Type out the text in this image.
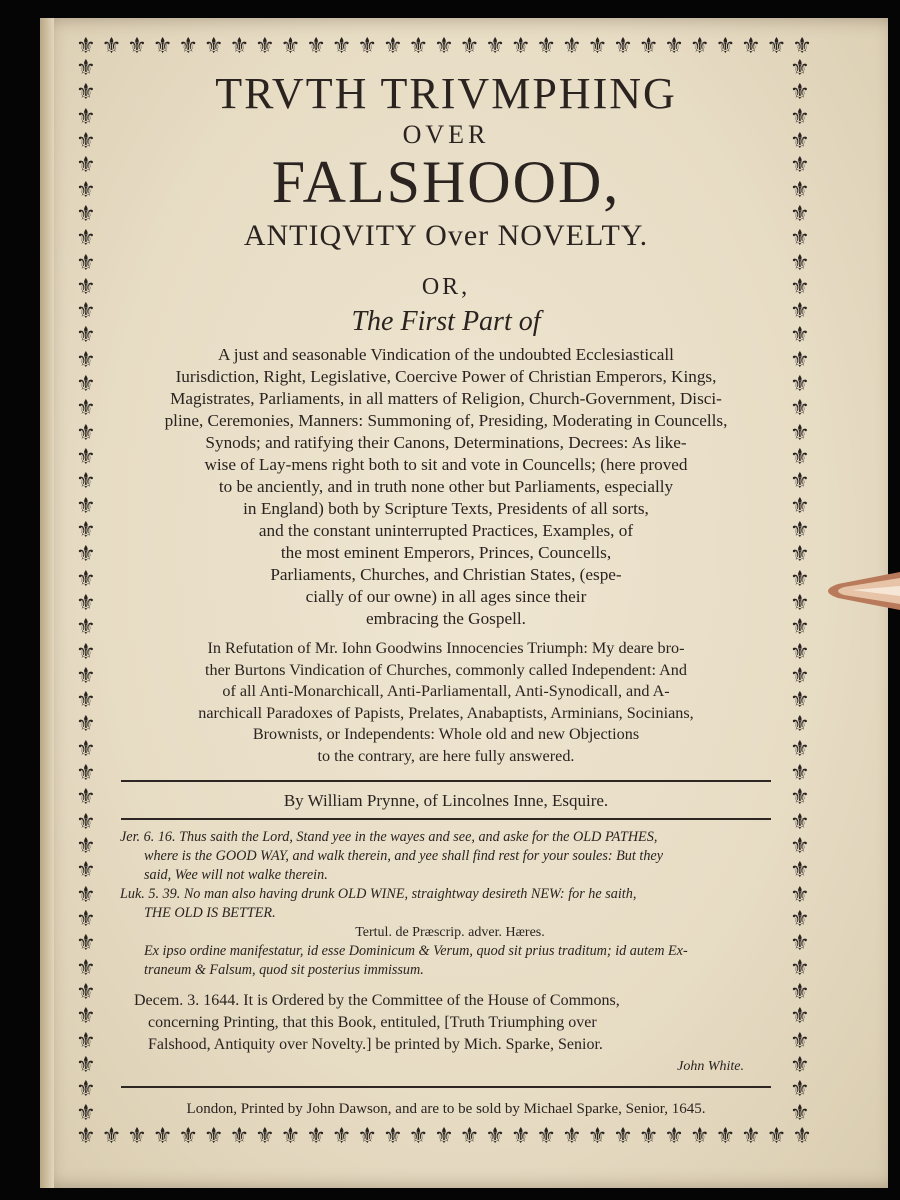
⚜ ⚜ ⚜ ⚜ ⚜ ⚜ ⚜ ⚜ ⚜ ⚜ ⚜ ⚜ ⚜ ⚜ ⚜ ⚜ ⚜ ⚜ ⚜ ⚜ ⚜ ⚜ ⚜ ⚜ ⚜ ⚜ ⚜ ⚜ ⚜
⚜ ⚜ ⚜ ⚜ ⚜ ⚜ ⚜ ⚜ ⚜ ⚜ ⚜ ⚜ ⚜ ⚜ ⚜ ⚜ ⚜ ⚜ ⚜ ⚜ ⚜ ⚜ ⚜ ⚜ ⚜ ⚜ ⚜ ⚜ ⚜
⚜
⚜
⚜
⚜
⚜
⚜
⚜
⚜
⚜
⚜
⚜
⚜
⚜
⚜
⚜
⚜
⚜
⚜
⚜
⚜
⚜
⚜
⚜
⚜
⚜
⚜
⚜
⚜
⚜
⚜
⚜
⚜
⚜
⚜
⚜
⚜
⚜
⚜
⚜
⚜
⚜
⚜
⚜
⚜
⚜
⚜
⚜
⚜
⚜
⚜
⚜
⚜
⚜
⚜
⚜
⚜
⚜
⚜
⚜
⚜
⚜
⚜
⚜
⚜
⚜
⚜
⚜
⚜
⚜
⚜
⚜
⚜
⚜
⚜
⚜
⚜
⚜
⚜
⚜
⚜
⚜
⚜
⚜
⚜
⚜
⚜
⚜
⚜

TRVTH TRIVMPHING

OVER

FALSHOOD,

ANTIQVITY Over NOVELTY.

OR,

The First Part of

A just and seasonable Vindication of the undoubted Ecclesiasticall

Iurisdiction, Right, Legislative, Coercive Power of Christian Emperors, Kings,

Magistrates, Parliaments, in all matters of Religion, Church-Government, Disci-

pline, Ceremonies, Manners: Summoning of, Presiding, Moderating in Councells,

Synods; and ratifying their Canons, Determinations, Decrees: As like-

wise of Lay-mens right both to sit and vote in Councells; (here proved

to be anciently, and in truth none other but Parliaments, especially

in England) both by Scripture Texts, Presidents of all sorts,

and the constant uninterrupted Practices, Examples, of

the most eminent Emperors, Princes, Councells,

Parliaments, Churches, and Christian States, (espe-

cially of our owne) in all ages since their

embracing the Gospell.

In Refutation of Mr. Iohn Goodwins Innocencies Triumph: My deare bro-

ther Burtons Vindication of Churches, commonly called Independent: And

of all Anti-Monarchicall, Anti-Parliamentall, Anti-Synodicall, and A-

narchicall Paradoxes of Papists, Prelates, Anabaptists, Arminians, Socinians,

Brownists, or Independents: Whole old and new Objections

to the contrary, are here fully answered.

By William Prynne, of Lincolnes Inne, Esquire.

Jer. 6. 16. Thus saith the Lord, Stand yee in the wayes and see, and aske for the OLD PATHES,

where is the GOOD WAY, and walk therein, and yee shall find rest for your soules: But they

said, Wee will not walke therein.

Luk. 5. 39. No man also having drunk OLD WINE, straightway desireth NEW: for he saith,

THE OLD IS BETTER.

Tertul. de Præscrip. adver. Hæres.

Ex ipso ordine manifestatur, id esse Dominicum & Verum, quod sit prius traditum; id autem Ex-

traneum & Falsum, quod sit posterius immissum.

Decem. 3. 1644. It is Ordered by the Committee of the House of Commons,

concerning Printing, that this Book, entituled, [Truth Triumphing over

Falshood, Antiquity over Novelty.] be printed by Mich. Sparke, Senior.

John White.

London, Printed by John Dawson, and are to be sold by Michael Sparke, Senior, 1645.
